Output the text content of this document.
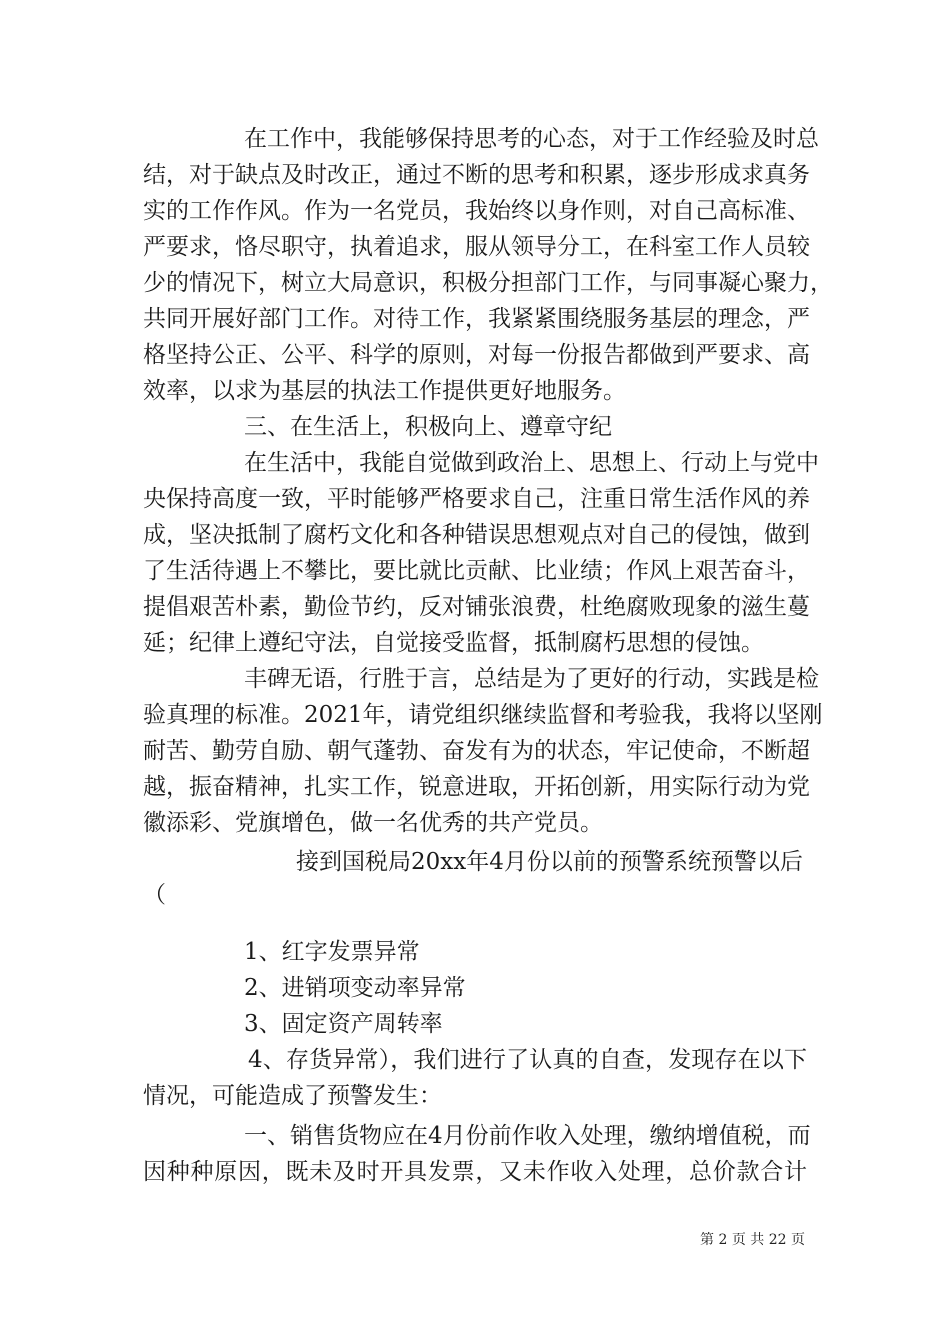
在工作中，我能够保持思考的心态，对于工作经验及时总
结，对于缺点及时改正，通过不断的思考和积累，逐步形成求真务
实的工作作风。作为一名党员，我始终以身作则，对自己高标准、
严要求，恪尽职守，执着追求，服从领导分工，在科室工作人员较
少的情况下，树立大局意识，积极分担部门工作，与同事凝心聚力，
共同开展好部门工作。对待工作，我紧紧围绕服务基层的理念，严
格坚持公正、公平、科学的原则，对每一份报告都做到严要求、高
效率，以求为基层的执法工作提供更好地服务。
三、在生活上，积极向上、遵章守纪
在生活中，我能自觉做到政治上、思想上、行动上与党中
央保持高度一致，平时能够严格要求自己，注重日常生活作风的养
成，坚决抵制了腐朽文化和各种错误思想观点对自己的侵蚀，做到
了生活待遇上不攀比，要比就比贡献、比业绩；作风上艰苦奋斗，
提倡艰苦朴素，勤俭节约，反对铺张浪费，杜绝腐败现象的滋生蔓
延；纪律上遵纪守法，自觉接受监督，抵制腐朽思想的侵蚀。
丰碑无语，行胜于言，总结是为了更好的行动，实践是检
验真理的标准。2021年，请党组织继续监督和考验我，我将以坚刚
耐苦、勤劳自励、朝气蓬勃、奋发有为的状态，牢记使命，不断超
越，振奋精神，扎实工作，锐意进取，开拓创新，用实际行动为党
徽添彩、党旗增色，做一名优秀的共产党员。
接到国税局20xx年4月份以前的预警系统预警以后
（
1、红字发票异常
2、进销项变动率异常
3、固定资产周转率
4、存货异常），我们进行了认真的自查，发现存在以下
情况，可能造成了预警发生：
一、销售货物应在4月份前作收入处理，缴纳增值税，而
因种种原因，既未及时开具发票，又未作收入处理，总价款合计
第 2 页 共 22 页
